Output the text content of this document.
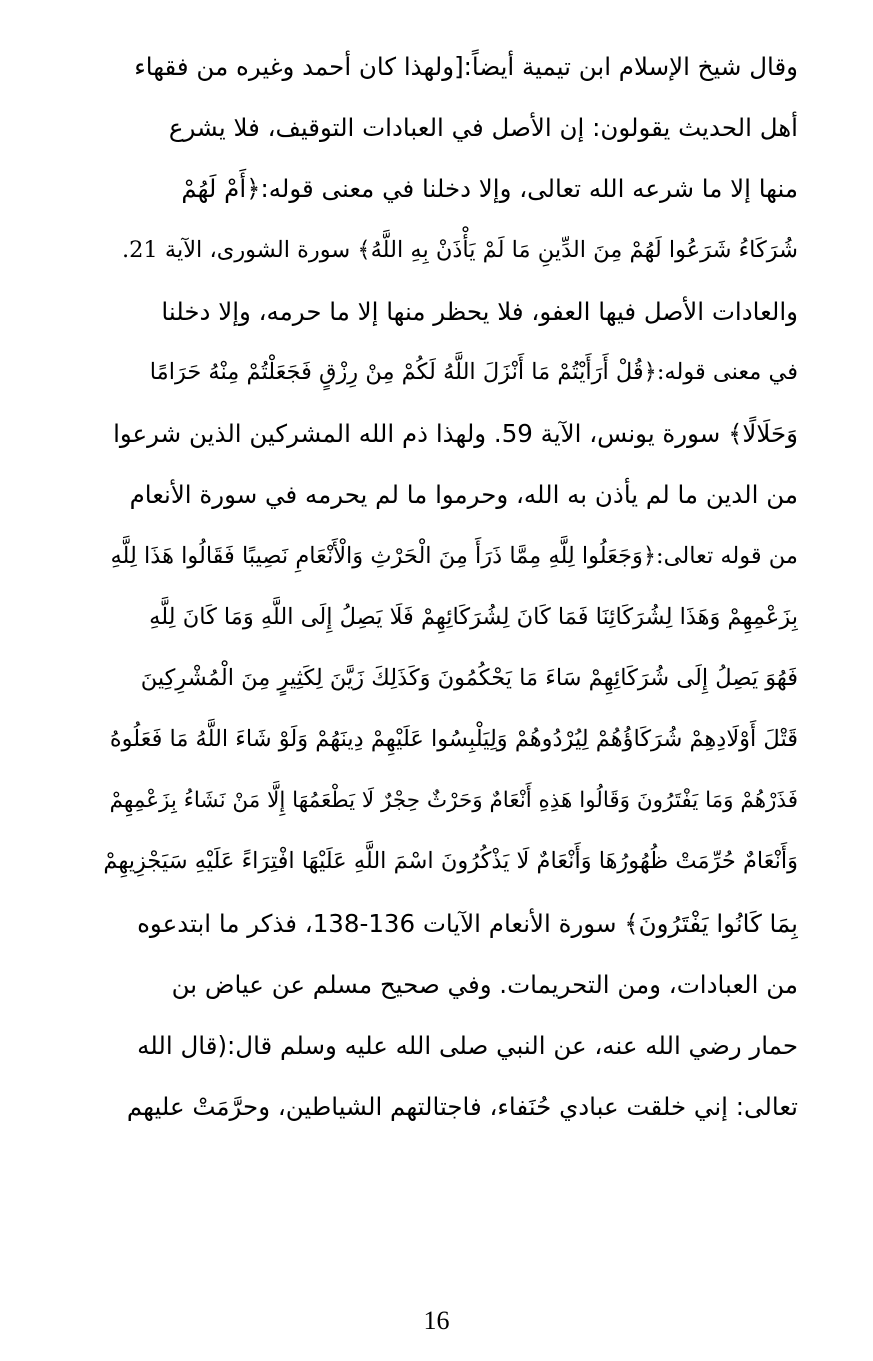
وقال شيخ الإسلام ابن تيمية أيضاً:[ولهذا كان أحمد وغيره من فقهاء
أهل الحديث يقولون: إن الأصل في العبادات التوقيف، فلا يشرع
منها إلا ما شرعه الله تعالى، وإلا دخلنا في معنى قوله:﴿أَمْ لَهُمْ
شُرَكَاءُ شَرَعُوا لَهُمْ مِنَ الدِّينِ مَا لَمْ يَأْذَنْ بِهِ اللَّهُ﴾ سورة الشورى، الآية 21.
والعادات الأصل فيها العفو، فلا يحظر منها إلا ما حرمه، وإلا دخلنا
في معنى قوله:﴿قُلْ أَرَأَيْتُمْ مَا أَنْزَلَ اللَّهُ لَكُمْ مِنْ رِزْقٍ فَجَعَلْتُمْ مِنْهُ حَرَامًا
وَحَلَالًا﴾ سورة يونس، الآية 59. ولهذا ذم الله المشركين الذين شرعوا
من الدين ما لم يأذن به الله، وحرموا ما لم يحرمه في سورة الأنعام
من قوله تعالى:﴿وَجَعَلُوا لِلَّهِ مِمَّا ذَرَأَ مِنَ الْحَرْثِ وَالْأَنْعَامِ نَصِيبًا فَقَالُوا هَذَا لِلَّهِ
بِزَعْمِهِمْ وَهَذَا لِشُرَكَائِنَا فَمَا كَانَ لِشُرَكَائِهِمْ فَلَا يَصِلُ إِلَى اللَّهِ وَمَا كَانَ لِلَّهِ
فَهُوَ يَصِلُ إِلَى شُرَكَائِهِمْ سَاءَ مَا يَحْكُمُونَ وَكَذَلِكَ زَيَّنَ لِكَثِيرٍ مِنَ الْمُشْرِكِينَ
قَتْلَ أَوْلَادِهِمْ شُرَكَاؤُهُمْ لِيُرْدُوهُمْ وَلِيَلْبِسُوا عَلَيْهِمْ دِينَهُمْ وَلَوْ شَاءَ اللَّهُ مَا فَعَلُوهُ
فَذَرْهُمْ وَمَا يَفْتَرُونَ وَقَالُوا هَذِهِ أَنْعَامٌ وَحَرْثٌ حِجْرٌ لَا يَطْعَمُهَا إِلَّا مَنْ نَشَاءُ بِزَعْمِهِمْ
وَأَنْعَامٌ حُرِّمَتْ ظُهُورُهَا وَأَنْعَامٌ لَا يَذْكُرُونَ اسْمَ اللَّهِ عَلَيْهَا افْتِرَاءً عَلَيْهِ سَيَجْزِيهِمْ
بِمَا كَانُوا يَفْتَرُونَ﴾ سورة الأنعام الآيات 136-138، فذكر ما ابتدعوه
من العبادات، ومن التحريمات. وفي صحيح مسلم عن عياض بن
حمار رضي الله عنه، عن النبي صلى الله عليه وسلم قال:(قال الله
تعالى: إني خلقت عبادي حُنَفاء، فاجتالتهم الشياطين، وحرَّمَتْ عليهم
16
